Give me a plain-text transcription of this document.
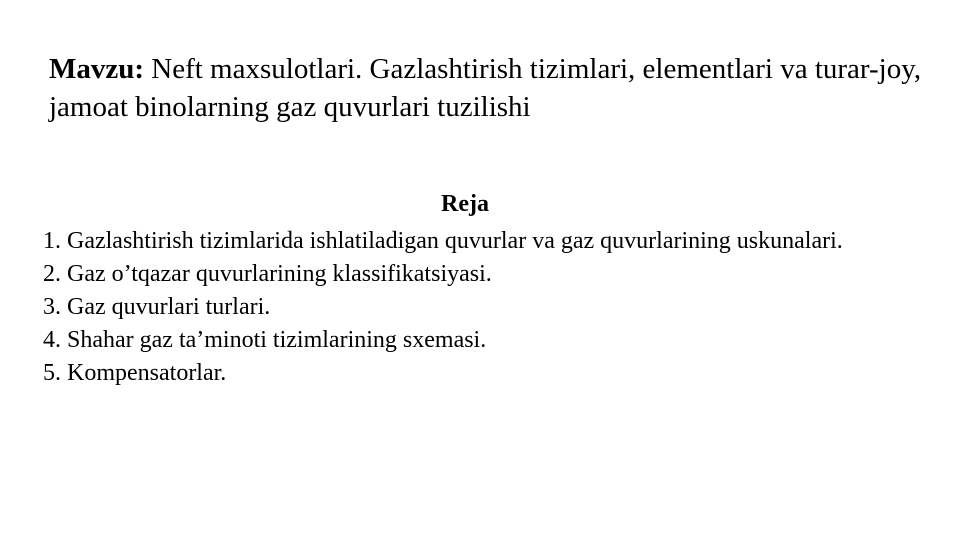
Mavzu: Neft maxsulotlari. Gazlashtirish tizimlari, elementlari va turar-joy, jamoat binolarning gaz quvurlari tuzilishi
Reja
1. Gazlashtirish tizimlarida ishlatiladigan quvurlar va gaz quvurlarining uskunalari.
2. Gaz o’tqazar quvurlarining klassifikatsiyasi.
3. Gaz quvurlari turlari.
4. Shahar gaz ta’minoti tizimlarining sxemasi.
5. Kompensatorlar.
